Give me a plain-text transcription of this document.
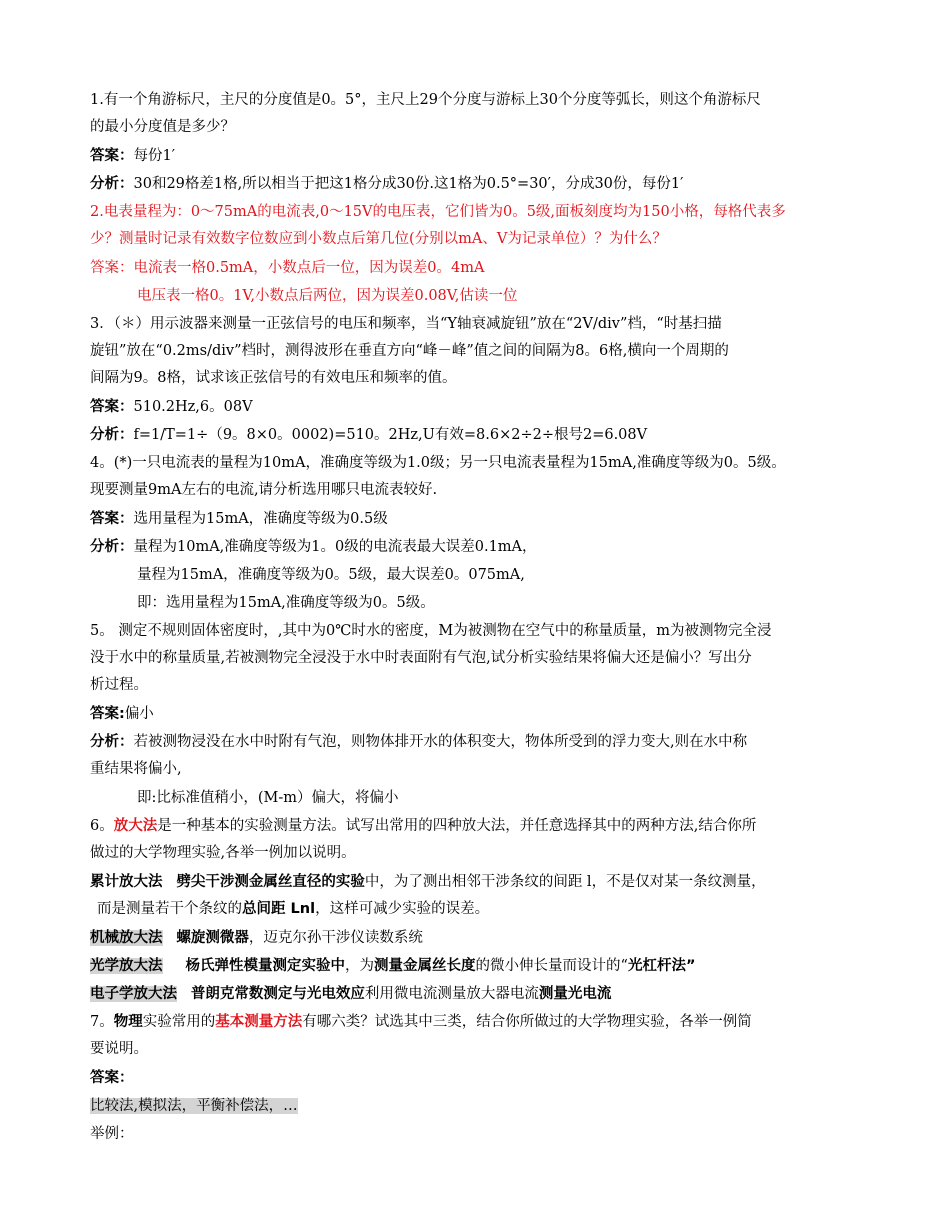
1.有一个角游标尺，主尺的分度值是0。5°，主尺上29个分度与游标上30个分度等弧长，则这个角游标尺
的最小分度值是多少？
答案：每份1′
分析：30和29格差1格,所以相当于把这1格分成30份.这1格为0.5°=30′，分成30份，每份1′
2.电表量程为：0～75mA的电流表,0～15V的电压表，它们皆为0。5级,面板刻度均为150小格，每格代表多
少？测量时记录有效数字位数应到小数点后第几位(分别以mA、V为记录单位）？为什么？
答案：电流表一格0.5mA，小数点后一位，因为误差0。4mA
电压表一格0。1V,小数点后两位，因为误差0.08V,估读一位
3．（＊）用示波器来测量一正弦信号的电压和频率，当“Y轴衰减旋钮”放在“2V/div”档，“时基扫描
旋钮”放在“0.2ms/div”档时，测得波形在垂直方向“峰－峰”值之间的间隔为8。6格,横向一个周期的
间隔为9。8格，试求该正弦信号的有效电压和频率的值。
答案：510.2Hz,6。08V
分析：f=1/T=1÷（9。8×0。0002)=510。2Hz,U有效=8.6×2÷2÷根号2=6.08V
4。(*)一只电流表的量程为10mA，准确度等级为1.0级；另一只电流表量程为15mA,准确度等级为0。5级。
现要测量9mA左右的电流,请分析选用哪只电流表较好.
答案：选用量程为15mA，准确度等级为0.5级
分析：量程为10mA,准确度等级为1。0级的电流表最大误差0.1mA，
量程为15mA，准确度等级为0。5级，最大误差0。075mA,
即：选用量程为15mA,准确度等级为0。5级。
5。 测定不规则固体密度时，,其中为0℃时水的密度，M为被测物在空气中的称量质量，m为被测物完全浸
没于水中的称量质量,若被测物完全浸没于水中时表面附有气泡,试分析实验结果将偏大还是偏小？写出分
析过程。
答案:偏小
分析：若被测物浸没在水中时附有气泡，则物体排开水的体积变大，物体所受到的浮力变大,则在水中称
重结果将偏小,
即:比标准值稍小，(M-m）偏大，将偏小
6。放大法是一种基本的实验测量方法。试写出常用的四种放大法，并任意选择其中的两种方法,结合你所
做过的大学物理实验,各举一例加以说明。
累计放大法 劈尖干涉测金属丝直径的实验中，为了测出相邻干涉条纹的间距 l，不是仅对某一条纹测量，
而是测量若干个条纹的总间距 Lnl，这样可减少实验的误差。
机械放大法 螺旋测微器，迈克尔孙干涉仪读数系统
光学放大法 杨氏弹性模量测定实验中，为测量金属丝长度的微小伸长量而设计的“光杠杆法”
电子学放大法 普朗克常数测定与光电效应利用微电流测量放大器电流测量光电流
7。物理实验常用的基本测量方法有哪六类？试选其中三类，结合你所做过的大学物理实验，各举一例简
要说明。
答案：
比较法,模拟法，平衡补偿法，…
举例：
